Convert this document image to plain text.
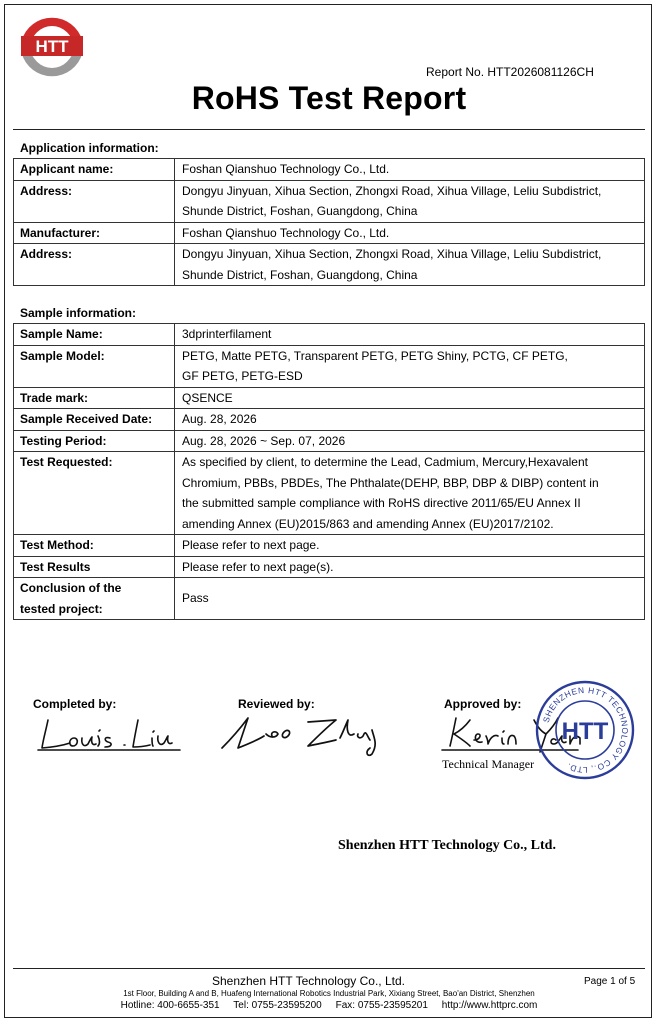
HTT
Report No. HTT2026081126CH
RoHS Test Report
Application information:
Applicant name:	Foshan Qianshuo Technology Co., Ltd.
Address:	Dongyu Jinyuan, Xihua Section, Zhongxi Road, Xihua Village, Leliu Subdistrict,
Shunde District, Foshan, Guangdong, China

Manufacturer:	Foshan Qianshuo Technology Co., Ltd.
Address:	Dongyu Jinyuan, Xihua Section, Zhongxi Road, Xihua Village, Leliu Subdistrict,
Shunde District, Foshan, Guangdong, China
Sample information:
Sample Name:	3dprinterfilament

Sample Model:	PETG, Matte PETG, Transparent PETG, PETG Shiny, PCTG, CF PETG,
GF PETG, PETG-ESD

Trade mark:	QSENCE

Sample Received Date:	Aug. 28, 2026

Testing Period:	Aug. 28, 2026 ~ Sep. 07, 2026

Test Requested:	As specified by client, to determine the Lead, Cadmium, Mercury,Hexavalent
Chromium, PBBs, PBDEs, The Phthalate(DEHP, BBP, DBP & DIBP) content in
the submitted sample compliance with RoHS directive 2011/65/EU Annex II
amending Annex (EU)2015/863 and amending Annex (EU)2017/2102.

Test Method:	Please refer to next page.

Test Results	Please refer to next page(s).

Conclusion of the
tested project:	Pass
Completed by:	Reviewed by:	Approved by:
Technical Manager
SHENZHEN HTT TECHNOLOGY CO., LTD.
HTT
Shenzhen HTT Technology Co., Ltd.
Shenzhen HTT Technology Co., Ltd.	Page 1 of 5
1st Floor, Building A and B, Huafeng International Robotics Industrial Park, Xixiang Street, Bao'an District, Shenzhen
Hotline: 400-6655-351     Tel: 0755-23595200     Fax: 0755-23595201     http://www.httprc.com
